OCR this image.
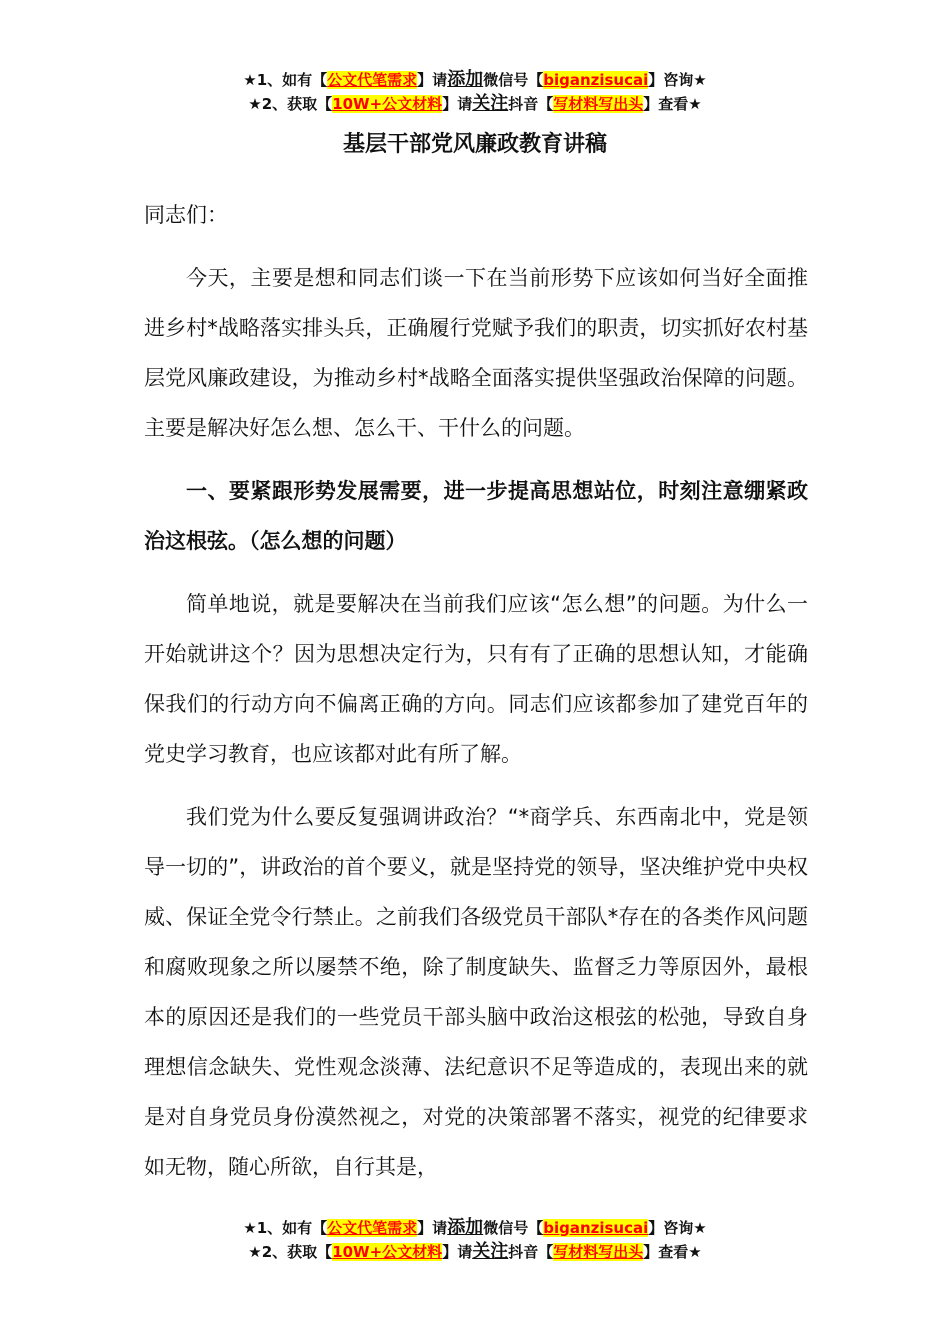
★1、如有【公文代笔需求】请添加微信号【biganzisucai】咨询★
★2、获取【10W+公文材料】请关注抖音【写材料写出头】查看★
基层干部党风廉政教育讲稿

同志们：

今天，主要是想和同志们谈一下在当前形势下应该如何当好全面推进乡村*战略落实排头兵，正确履行党赋予我们的职责，切实抓好农村基层党风廉政建设，为推动乡村*战略全面落实提供坚强政治保障的问题。主要是解决好怎么想、怎么干、干什么的问题。

一、要紧跟形势发展需要，进一步提高思想站位，时刻注意绷紧政治这根弦。（怎么想的问题）

简单地说，就是要解决在当前我们应该“怎么想”的问题。为什么一开始就讲这个？因为思想决定行为，只有有了正确的思想认知，才能确保我们的行动方向不偏离正确的方向。同志们应该都参加了建党百年的党史学习教育，也应该都对此有所了解。

我们党为什么要反复强调讲政治？“*商学兵、东西南北中，党是领导一切的”，讲政治的首个要义，就是坚持党的领导，坚决维护党中央权威、保证全党令行禁止。之前我们各级党员干部队*存在的各类作风问题和腐败现象之所以屡禁不绝，除了制度缺失、监督乏力等原因外，最根本的原因还是我们的一些党员干部头脑中政治这根弦的松弛，导致自身理想信念缺失、党性观念淡薄、法纪意识不足等造成的，表现出来的就是对自身党员身份漠然视之，对党的决策部署不落实，视党的纪律要求如无物，随心所欲，自行其是，

★1、如有【公文代笔需求】请添加微信号【biganzisucai】咨询★
★2、获取【10W+公文材料】请关注抖音【写材料写出头】查看★
